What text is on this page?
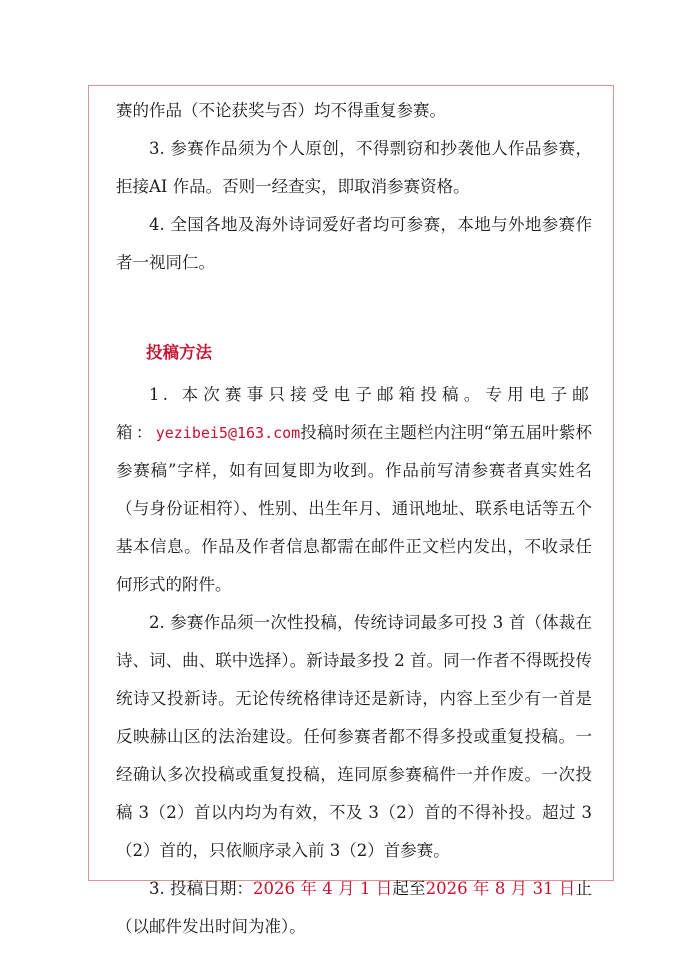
赛的作品（不论获奖与否）均不得重复参赛。

3. 参赛作品须为个人原创，不得剽窃和抄袭他人作品参赛，拒接AI 作品。否则一经查实，即取消参赛资格。

4. 全国各地及海外诗词爱好者均可参赛，本地与外地参赛作者一视同仁。

投稿方法

1. 本次赛事只接受电子邮箱投稿。专用电子邮箱：yezibei5@163.com投稿时须在主题栏内注明“第五届叶紫杯参赛稿”字样，如有回复即为收到。作品前写清参赛者真实姓名（与身份证相符）、性别、出生年月、通讯地址、联系电话等五个基本信息。作品及作者信息都需在邮件正文栏内发出，不收录任何形式的附件。

2. 参赛作品须一次性投稿，传统诗词最多可投 3 首（体裁在诗、词、曲、联中选择）。新诗最多投 2 首。同一作者不得既投传统诗又投新诗。无论传统格律诗还是新诗，内容上至少有一首是反映赫山区的法治建设。任何参赛者都不得多投或重复投稿。一经确认多次投稿或重复投稿，连同原参赛稿件一并作废。一次投稿 3（2）首以内均为有效，不及 3（2）首的不得补投。超过 3（2）首的，只依顺序录入前 3（2）首参赛。

3. 投稿日期：2026 年 4 月 1 日起至2026 年 8 月 31 日止（以邮件发出时间为准）。
